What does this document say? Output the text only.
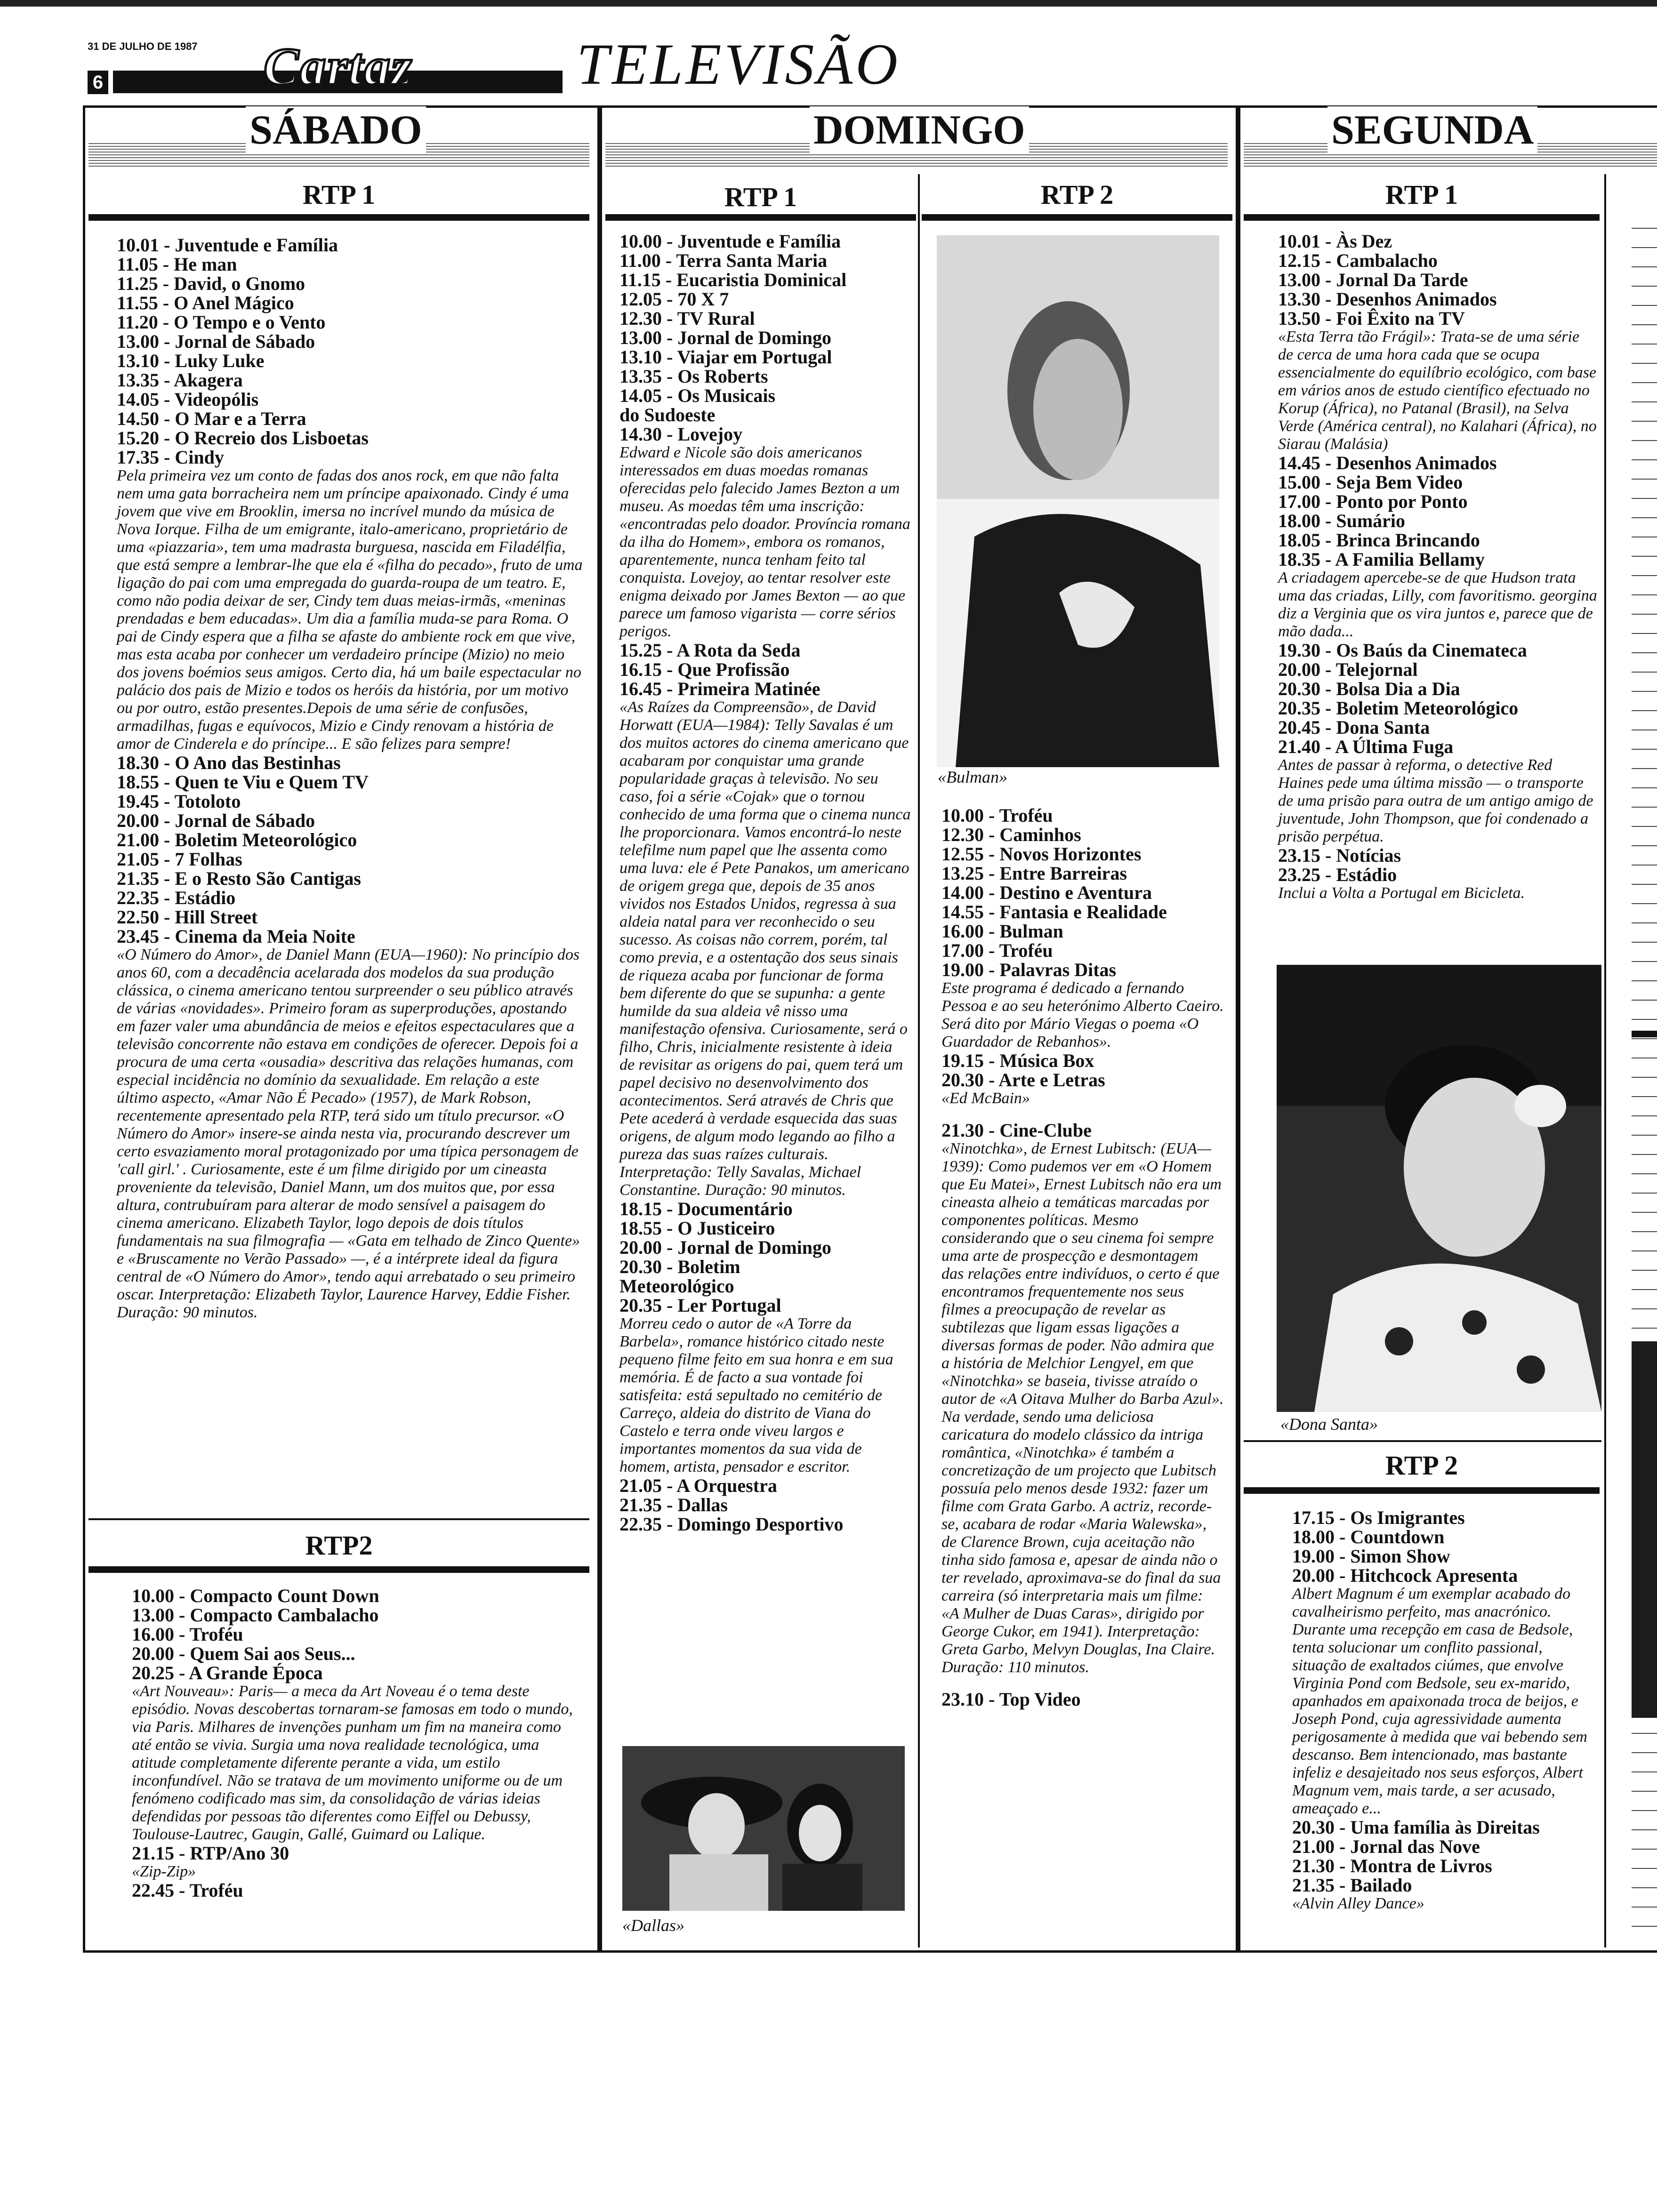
31 DE JULHO DE 1987
6	Cartaz	TELEVISÃO
SÁBADO	DOMINGO	SEGUNDA
RTP 1	RTP 1	RTP 2	RTP 1
10.01 - Juventude e Família
11.05 - He man
11.25 - David, o Gnomo
11.55 - O Anel Mágico
11.20 - O Tempo e o Vento
13.00 - Jornal de Sábado
13.10 - Luky Luke
13.35 - Akagera
14.05 - Videopólis
14.50 - O Mar e a Terra
15.20 - O Recreio dos Lisboetas
17.35 - Cindy
Pela primeira vez um conto de fadas dos anos rock, em que não falta nem uma gata borracheira nem um príncipe apaixonado. Cindy é uma jovem que vive em Brooklin, imersa no incrível mundo da música de Nova Iorque. Filha de um emigrante, italo-americano, proprietário de uma «piazzaria», tem uma madrasta burguesa, nascida em Filadélfia, que está sempre a lembrar-lhe que ela é «filha do pecado», fruto de uma ligação do pai com uma empregada do guarda-roupa de um teatro. E, como não podia deixar de ser, Cindy tem duas meias-irmãs, «meninas prendadas e bem educadas». Um dia a família muda-se para Roma. O pai de Cindy espera que a filha se afaste do ambiente rock em que vive, mas esta acaba por conhecer um verdadeiro príncipe (Mizio) no meio dos jovens boémios seus amigos. Certo dia, há um baile espectacular no palácio dos pais de Mizio e todos os heróis da história, por um motivo ou por outro, estão presentes.Depois de uma série de confusões, armadilhas, fugas e equívocos, Mizio e Cindy renovam a história de amor de Cinderela e do príncipe... E são felizes para sempre!
18.30 - O Ano das Bestinhas
18.55 - Quen te Viu e Quem TV
19.45 - Totoloto
20.00 - Jornal de Sábado
21.00 - Boletim Meteorológico
21.05 - 7 Folhas
21.35 - E o Resto São Cantigas
22.35 - Estádio
22.50 - Hill Street
23.45 - Cinema da Meia Noite
«O Número do Amor», de Daniel Mann (EUA—1960): No princípio dos anos 60, com a decadência acelarada dos modelos da sua produção clássica, o cinema americano tentou surpreender o seu público através de várias «novidades». Primeiro foram as superproduções, apostando em fazer valer uma abundância de meios e efeitos espectaculares que a televisão concorrente não estava em condições de oferecer. Depois foi a procura de uma certa «ousadia» descritiva das relações humanas, com especial incidência no domínio da sexualidade. Em relação a este último aspecto, «Amar Não É Pecado» (1957), de Mark Robson, recentemente apresentado pela RTP, terá sido um título precursor. «O Número do Amor» insere-se ainda nesta via, procurando descrever um certo esvaziamento moral protagonizado por uma típica personagem de 'call girl.' . Curiosamente, este é um filme dirigido por um cineasta proveniente da televisão, Daniel Mann, um dos muitos que, por essa altura, contrubuíram para alterar de modo sensível a paisagem do cinema americano. Elizabeth Taylor, logo depois de dois títulos fundamentais na sua filmografia — «Gata em telhado de Zinco Quente» e «Bruscamente no Verão Passado» —, é a intérprete ideal da figura central de «O Número do Amor», tendo aqui arrebatado o seu primeiro oscar. Interpretação: Elizabeth Taylor, Laurence Harvey, Eddie Fisher. Duração: 90 minutos.
RTP2
10.00 - Compacto Count Down
13.00 - Compacto Cambalacho
16.00 - Troféu
20.00 - Quem Sai aos Seus...
20.25 - A Grande Época
«Art Nouveau»: Paris— a meca da Art Noveau é o tema deste episódio. Novas descobertas tornaram-se famosas em todo o mundo, via Paris. Milhares de invenções punham um fim na maneira como até então se vivia. Surgia uma nova realidade tecnológica, uma atitude completamente diferente perante a vida, um estilo inconfundível. Não se tratava de um movimento uniforme ou de um fenómeno codificado mas sim, da consolidação de várias ideias defendidas por pessoas tão diferentes como Eiffel ou Debussy, Toulouse-Lautrec, Gaugin, Gallé, Guimard ou Lalique.
21.15 - RTP/Ano 30
«Zip-Zip»
22.45 - Troféu
10.00 - Juventude e Família
11.00 - Terra Santa Maria
11.15 - Eucaristia Dominical
12.05 - 70 X 7
12.30 - TV Rural
13.00 - Jornal de Domingo
13.10 - Viajar em Portugal
13.35 - Os Roberts
14.05 - Os Musicais
do Sudoeste
14.30 - Lovejoy
Edward e Nicole são dois americanos interessados em duas moedas romanas oferecidas pelo falecido James Bezton a um museu. As moedas têm uma inscrição: «encontradas pelo doador. Província romana da ilha do Homem», embora os romanos, aparentemente, nunca tenham feito tal conquista. Lovejoy, ao tentar resolver este enigma deixado por James Bexton — ao que parece um famoso vigarista — corre sérios perigos.
15.25 - A Rota da Seda
16.15 - Que Profissão
16.45 - Primeira Matinée
«As Raízes da Compreensão», de David Horwatt (EUA—1984): Telly Savalas é um dos muitos actores do cinema americano que acabaram por conquistar uma grande popularidade graças à televisão. No seu caso, foi a série «Cojak» que o tornou conhecido de uma forma que o cinema nunca lhe proporcionara. Vamos encontrá-lo neste telefilme num papel que lhe assenta como uma luva: ele é Pete Panakos, um americano de origem grega que, depois de 35 anos vividos nos Estados Unidos, regressa à sua aldeia natal para ver reconhecido o seu sucesso. As coisas não correm, porém, tal como previa, e a ostentação dos seus sinais de riqueza acaba por funcionar de forma bem diferente do que se supunha: a gente humilde da sua aldeia vê nisso uma manifestação ofensiva. Curiosamente, será o filho, Chris, inicialmente resistente à ideia de revisitar as origens do pai, quem terá um papel decisivo no desenvolvimento dos acontecimentos. Será através de Chris que Pete acederá à verdade esquecida das suas origens, de algum modo legando ao filho a pureza das suas raízes culturais. Interpretação: Telly Savalas, Michael Constantine. Duração: 90 minutos.
18.15 - Documentário
18.55 - O Justiceiro
20.00 - Jornal de Domingo
20.30 - Boletim
Meteorológico
20.35 - Ler Portugal
Morreu cedo o autor de «A Torre da Barbela», romance histórico citado neste pequeno filme feito em sua honra e em sua memória. É de facto a sua vontade foi satisfeita: está sepultado no cemitério de Carreço, aldeia do distrito de Viana do Castelo e terra onde viveu largos e importantes momentos da sua vida de homem, artista, pensador e escritor.
21.05 - A Orquestra
21.35 - Dallas
22.35 - Domingo Desportivo
«Dallas»
«Bulman»
10.00 - Troféu
12.30 - Caminhos
12.55 - Novos Horizontes
13.25 - Entre Barreiras
14.00 - Destino e Aventura
14.55 - Fantasia e Realidade
16.00 - Bulman
17.00 - Troféu
19.00 - Palavras Ditas
Este programa é dedicado a fernando Pessoa e ao seu heterónimo Alberto Caeiro. Será dito por Mário Viegas o poema «O Guardador de Rebanhos».
19.15 - Música Box
20.30 - Arte e Letras
«Ed McBain»
21.30 - Cine-Clube
«Ninotchka», de Ernest Lubitsch: (EUA—1939): Como pudemos ver em «O Homem que Eu Matei», Ernest Lubitsch não era um cineasta alheio a temáticas marcadas por componentes políticas. Mesmo considerando que o seu cinema foi sempre uma arte de prospecção e desmontagem das relações entre indivíduos, o certo é que encontramos frequentemente nos seus filmes a preocupação de revelar as subtilezas que ligam essas ligações a diversas formas de poder. Não admira que a história de Melchior Lengyel, em que «Ninotchka» se baseia, tivisse atraído o autor de «A Oitava Mulher do Barba Azul». Na verdade, sendo uma deliciosa caricatura do modelo clássico da intriga romântica, «Ninotchka» é também a concretização de um projecto que Lubitsch possuía pelo menos desde 1932: fazer um filme com Grata Garbo. A actriz, recorde-se, acabara de rodar «Maria Walewska», de Clarence Brown, cuja aceitação não tinha sido famosa e, apesar de ainda não o ter revelado, aproximava-se do final da sua carreira (só interpretaria mais um filme: «A Mulher de Duas Caras», dirigido por George Cukor, em 1941). Interpretação: Greta Garbo, Melvyn Douglas, Ina Claire. Duração: 110 minutos.
23.10 - Top Video
10.01 - Às Dez
12.15 - Cambalacho
13.00 - Jornal Da Tarde
13.30 - Desenhos Animados
13.50 - Foi Êxito na TV
«Esta Terra tão Frágil»: Trata-se de uma série de cerca de uma hora cada que se ocupa essencialmente do equilíbrio ecológico, com base em vários anos de estudo científico efectuado no Korup (África), no Patanal (Brasil), na Selva Verde (América central), no Kalahari (África), no Siarau (Malásia)
14.45 - Desenhos Animados
15.00 - Seja Bem Video
17.00 - Ponto por Ponto
18.00 - Sumário
18.05 - Brinca Brincando
18.35 - A Familia Bellamy
A criadagem apercebe-se de que Hudson trata uma das criadas, Lilly, com favoritismo. georgina diz a Verginia que os vira juntos e, parece que de mão dada...
19.30 - Os Baús da Cinemateca
20.00 - Telejornal
20.30 - Bolsa Dia a Dia
20.35 - Boletim Meteorológico
20.45 - Dona Santa
21.40 - A Última Fuga
Antes de passar à reforma, o detective Red Haines pede uma última missão — o transporte de uma prisão para outra de um antigo amigo de juventude, John Thompson, que foi condenado a prisão perpétua.
23.15 - Notícias
23.25 - Estádio
Inclui a Volta a Portugal em Bicicleta.
«Dona Santa»
RTP 2
17.15 - Os Imigrantes
18.00 - Countdown
19.00 - Simon Show
20.00 - Hitchcock Apresenta
Albert Magnum é um exemplar acabado do cavalheirismo perfeito, mas anacrónico. Durante uma recepção em casa de Bedsole, tenta solucionar um conflito passional, situação de exaltados ciúmes, que envolve Virginia Pond com Bedsole, seu ex-marido, apanhados em apaixonada troca de beijos, e Joseph Pond, cuja agressividade aumenta perigosamente à medida que vai bebendo sem descanso. Bem intencionado, mas bastante infeliz e desajeitado nos seus esforços, Albert Magnum vem, mais tarde, a ser acusado, ameaçado e...
20.30 - Uma família às Direitas
21.00 - Jornal das Nove
21.30 - Montra de Livros
21.35 - Bailado
«Alvin Alley Dance»
